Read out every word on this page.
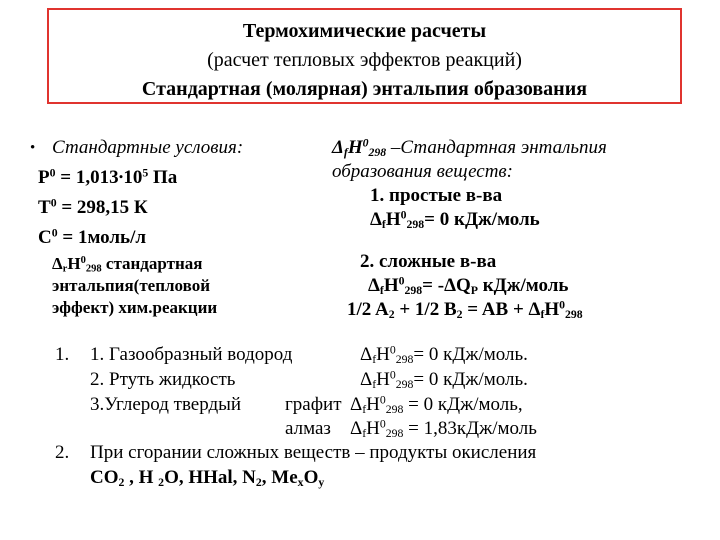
Термохимические расчеты
(расчет тепловых эффектов реакций)
Стандартная (молярная) энтальпия образования
• Стандартные условия:
$Р^0 = 1,013\cdot 10^5$ Па
$Т^0 = 298,15$ К
$С^0$ = 1моль/л
$\Delta_rH^0_{298}$ стандартная
энтальпия(тепловой
эффект) хим.реакции
$\Delta_fH^0_{298}$ –Стандартная энтальпия
образования веществ:
1. простые в-ва
$\Delta_fH^0_{298}= 0$ кДж/моль
2. сложные в-ва
$\Delta_fH^0_{298}= -\Delta Q_P$ кДж/моль
1/2 $A_2 + 1/2$ $B_2$ = AB + $\Delta_fH^0_{298}$
1. 1. Газообразный водород	$\Delta_fH^0_{298}= 0$ кДж/моль.
2. Ртуть жидкость	$\Delta_fH^0_{298}= 0$ кДж/моль.
3.Углерод твердый графит $\Delta_fH^0_{298} = 0$ кДж/моль,
алмаз $\Delta_fH^0_{298}$ = 1,83кДж/моль
2. При сгорании сложных веществ – продукты окисления
$CO_2$ , H $_2$O, HHal, $N_2$, $Me_xO_y$
